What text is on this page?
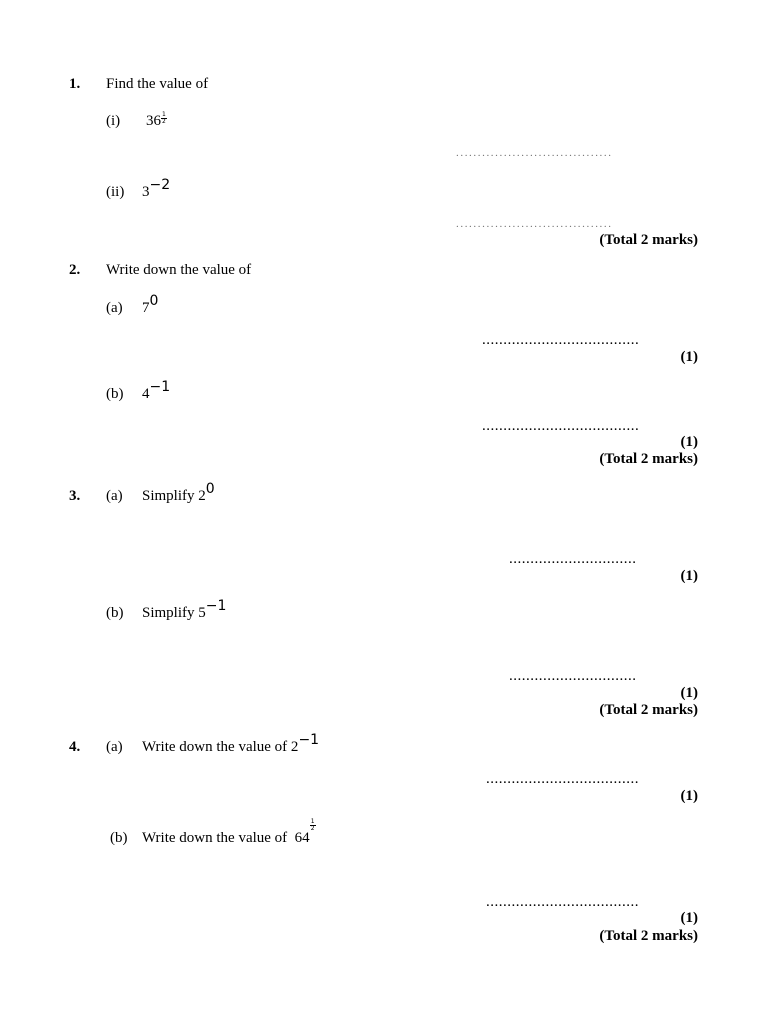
1. Find the value of
(i) $36 \frac{1}{2}$
....................................
(ii) 3−2
....................................
(Total 2 marks)
2. Write down the value of
(a) 70
.....................................
(1)
(b) 4−1
.....................................
(1)
(Total 2 marks)
3. (a) Simplify 20
..............................
(1)
(b) Simplify 5−1
..............................
(1)
(Total 2 marks)
4. (a) Write down the value of 2−1
....................................
(1)
(b) Write down the value of  64
$\frac{1}{2}$
....................................
(1)
(Total 2 marks)
